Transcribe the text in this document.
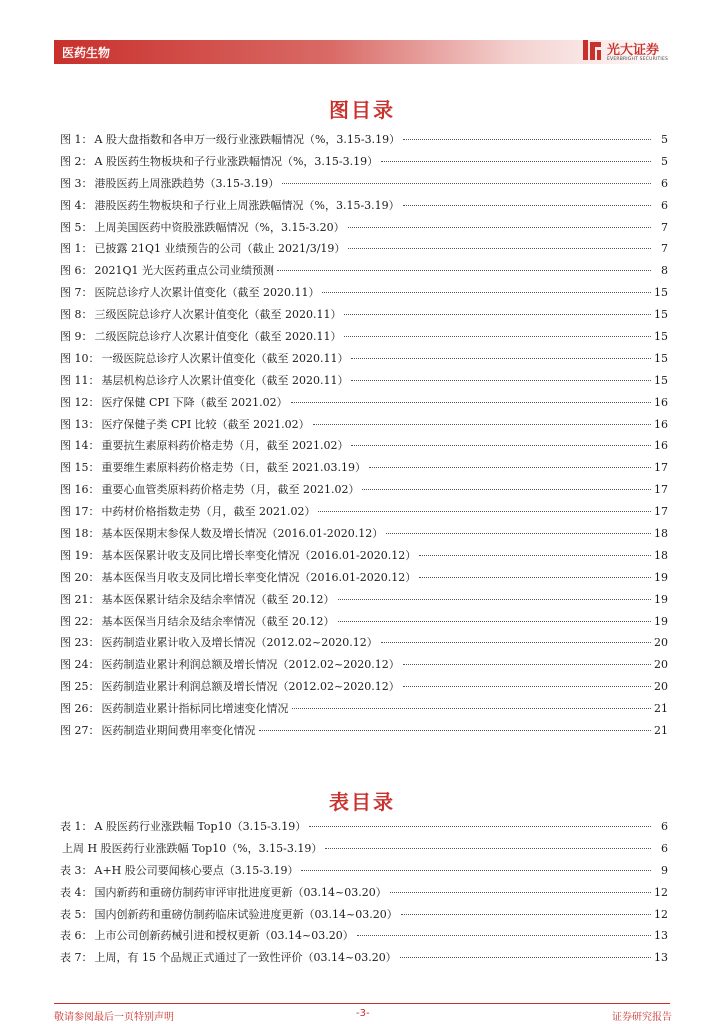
医药生物	光大证券
EVERBRIGHT SECURITIES
图目录
图 1： A 股大盘指数和各申万一级行业涨跌幅情况（%，3.15-3.19）	5
图 2： A 股医药生物板块和子行业涨跌幅情况（%，3.15-3.19）	5
图 3： 港股医药上周涨跌趋势（3.15-3.19）	6
图 4： 港股医药生物板块和子行业上周涨跌幅情况（%，3.15-3.19）	6
图 5： 上周美国医药中资股涨跌幅情况（%，3.15-3.20）	7
图 1： 已披露 21Q1 业绩预告的公司（截止 2021/3/19）	7
图 6： 2021Q1 光大医药重点公司业绩预测	8
图 7： 医院总诊疗人次累计值变化（截至 2020.11）	15
图 8： 三级医院总诊疗人次累计值变化（截至 2020.11）	15
图 9： 二级医院总诊疗人次累计值变化（截至 2020.11）	15
图 10： 一级医院总诊疗人次累计值变化（截至 2020.11）	15
图 11： 基层机构总诊疗人次累计值变化（截至 2020.11）	15
图 12： 医疗保健 CPI 下降（截至 2021.02）	16
图 13： 医疗保健子类 CPI 比较（截至 2021.02）	16
图 14： 重要抗生素原料药价格走势（月，截至 2021.02）	16
图 15： 重要维生素原料药价格走势（日，截至 2021.03.19）	17
图 16： 重要心血管类原料药价格走势（月，截至 2021.02）	17
图 17： 中药材价格指数走势（月，截至 2021.02）	17
图 18： 基本医保期末参保人数及增长情况（2016.01-2020.12）	18
图 19： 基本医保累计收支及同比增长率变化情况（2016.01-2020.12）	18
图 20： 基本医保当月收支及同比增长率变化情况（2016.01-2020.12）	19
图 21： 基本医保累计结余及结余率情况（截至 20.12）	19
图 22： 基本医保当月结余及结余率情况（截至 20.12）	19
图 23： 医药制造业累计收入及增长情况（2012.02~2020.12）	20
图 24： 医药制造业累计利润总额及增长情况（2012.02~2020.12）	20
图 25： 医药制造业累计利润总额及增长情况（2012.02~2020.12）	20
图 26： 医药制造业累计指标同比增速变化情况	21
图 27： 医药制造业期间费用率变化情况	21
表目录
表 1： A 股医药行业涨跌幅 Top10（3.15-3.19）	6
上周 H 股医药行业涨跌幅 Top10（%，3.15-3.19）	6
表 3： A+H 股公司要闻核心要点（3.15-3.19）	9
表 4： 国内新药和重磅仿制药审评审批进度更新（03.14~03.20）	12
表 5： 国内创新药和重磅仿制药临床试验进度更新（03.14~03.20）	12
表 6： 上市公司创新药械引进和授权更新（03.14~03.20）	13
表 7： 上周，有 15 个品规正式通过了一致性评价（03.14~03.20）	13
敬请参阅最后一页特别声明	-3-	证券研究报告
